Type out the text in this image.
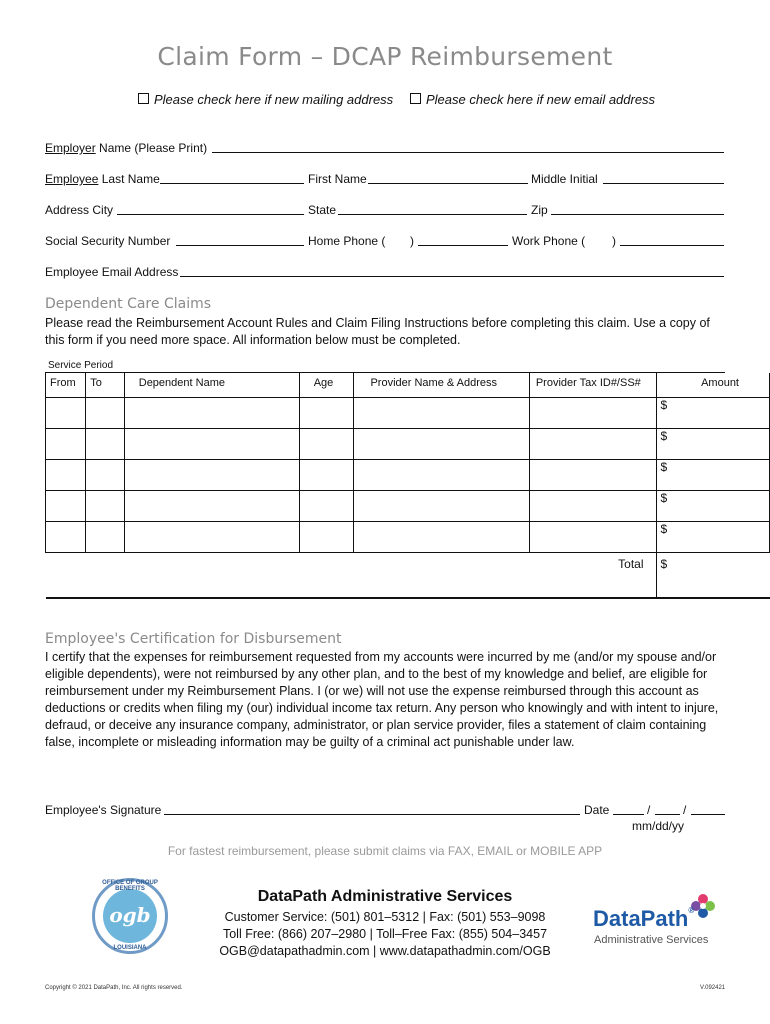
Claim Form – DCAP Reimbursement
Please check here if new mailing address	Please check here if new email address
Employer Name (Please Print)
Employee Last Name	First Name	Middle Initial
Address City	State	Zip
Social Security Number	Home Phone ( )	Work Phone ( )
Employee Email Address
Dependent Care Claims
Please read the Reimbursement Account Rules and Claim Filing Instructions before completing this claim. Use a copy of this form if you need more space. All information below must be completed.
Service Period
From	To	Dependent Name	Age	Provider Name & Address	Provider Tax ID#/SS#	Amount
						$
						$
						$
						$
						$
Total						$
Employee's Certification for Disbursement
I certify that the expenses for reimbursement requested from my accounts were incurred by me (and/or my spouse and/or eligible dependents), were not reimbursed by any other plan, and to the best of my knowledge and belief, are eligible for reimbursement under my Reimbursement Plans. I (or we) will not use the expense reimbursed through this account as deductions or credits when filing my (our) individual income tax return. Any person who knowingly and with intent to injure, defraud, or deceive any insurance company, administrator, or plan service provider, files a statement of claim containing false, incomplete or misleading information may be guilty of a criminal act punishable under law.
Employee's Signature	Date	/	/
mm/dd/yy
For fastest reimbursement, please submit claims via FAX, EMAIL or MOBILE APP
ogb
OFFICE OF GROUP BENEFITS
LOUISIANA
DataPath Administrative Services
Customer Service: (501) 801–5312 | Fax: (501) 553–9098
Toll Free: (866) 207–2980 | Toll–Free Fax: (855) 504–3457
OGB@datapathadmin.com | www.datapathadmin.com/OGB
DataPath®
Administrative Services
Copyright © 2021 DataPath, Inc. All rights reserved.	V.092421
